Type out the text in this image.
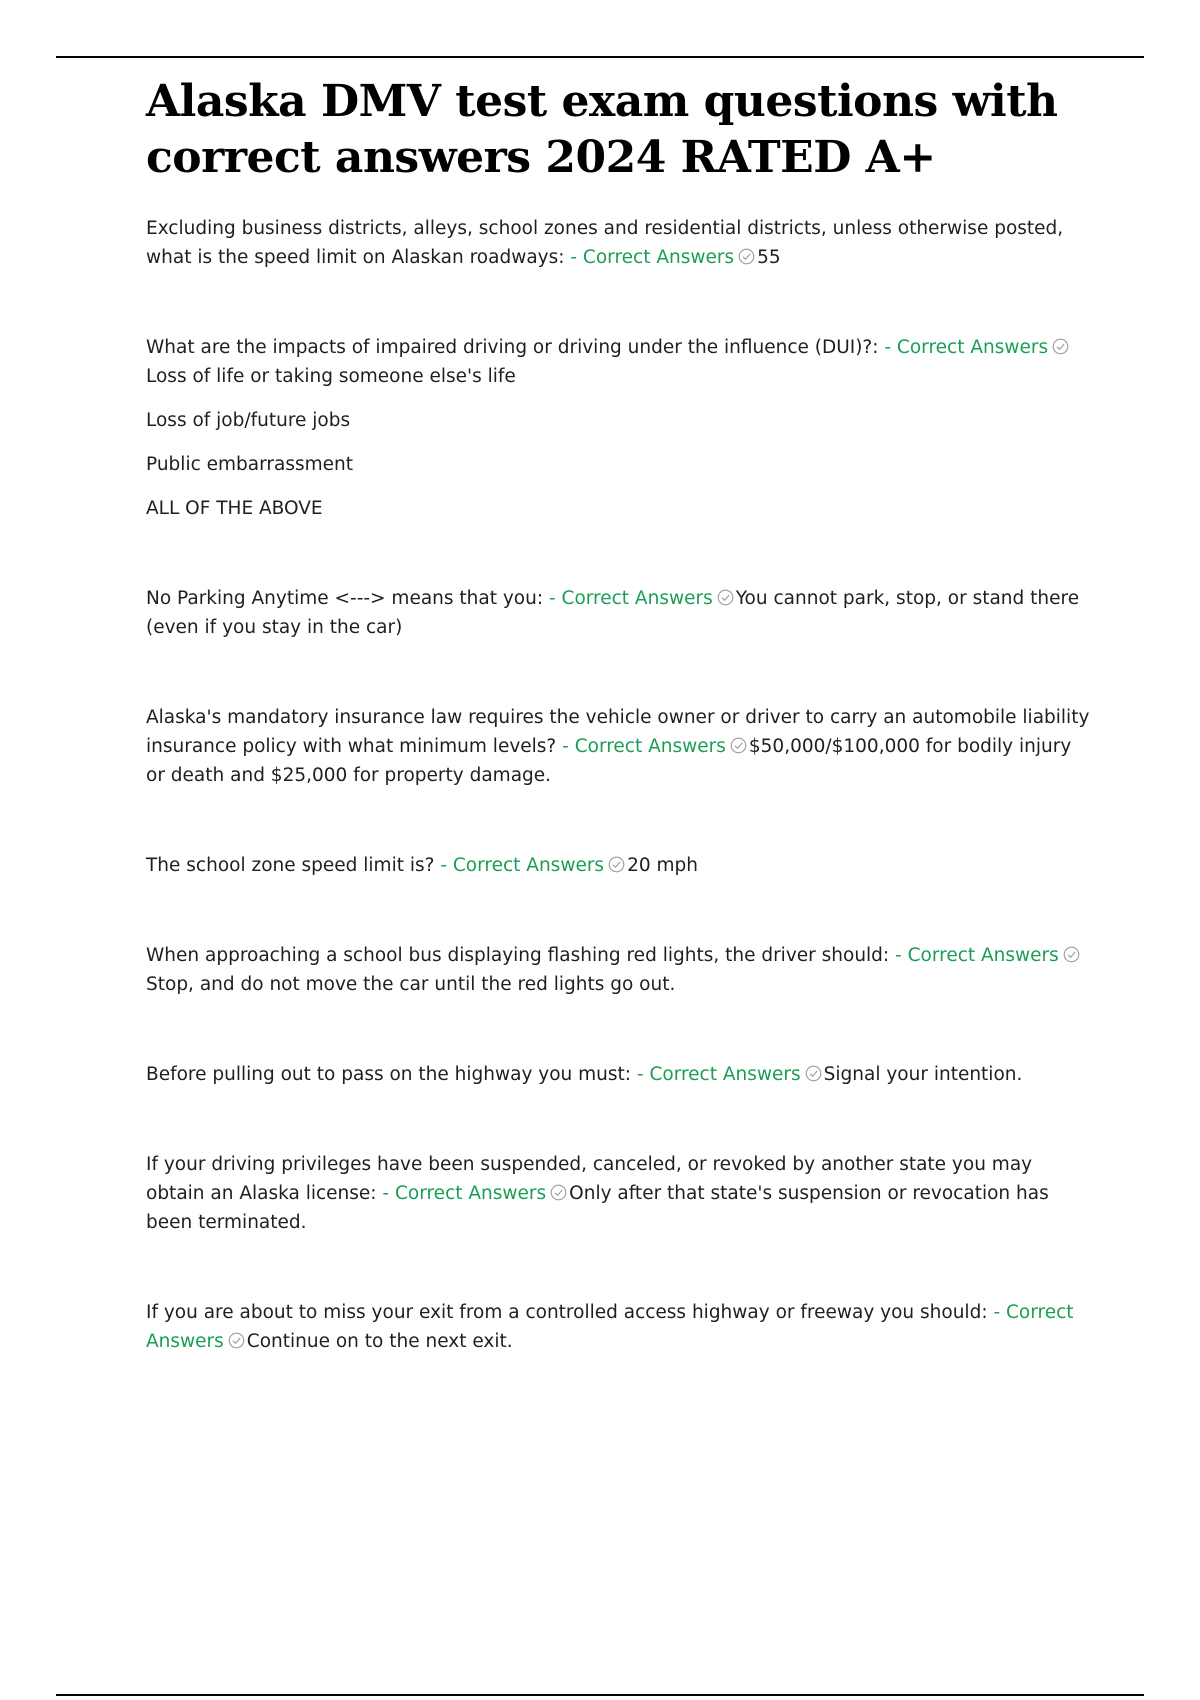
Alaska DMV test exam questions with correct answers 2024 RATED A+

Excluding business districts, alleys, school zones and residential districts, unless otherwise posted, what is the speed limit on Alaskan roadways: - Correct Answers 55

What are the impacts of impaired driving or driving under the influence (DUI)?: - Correct Answers
Loss of life or taking someone else's life

Loss of job/future jobs

Public embarrassment

ALL OF THE ABOVE

No Parking Anytime <---> means that you: - Correct Answers You cannot park, stop, or stand there (even if you stay in the car)

Alaska's mandatory insurance law requires the vehicle owner or driver to carry an automobile liability insurance policy with what minimum levels? - Correct Answers $50,000/$100,000 for bodily injury or death and $25,000 for property damage.

The school zone speed limit is? - Correct Answers 20 mph

When approaching a school bus displaying flashing red lights, the driver should: - Correct Answers
Stop, and do not move the car until the red lights go out.

Before pulling out to pass on the highway you must: - Correct Answers Signal your intention.

If your driving privileges have been suspended, canceled, or revoked by another state you may obtain an Alaska license: - Correct Answers Only after that state's suspension or revocation has been terminated.

If you are about to miss your exit from a controlled access highway or freeway you should: - Correct Answers Continue on to the next exit.
